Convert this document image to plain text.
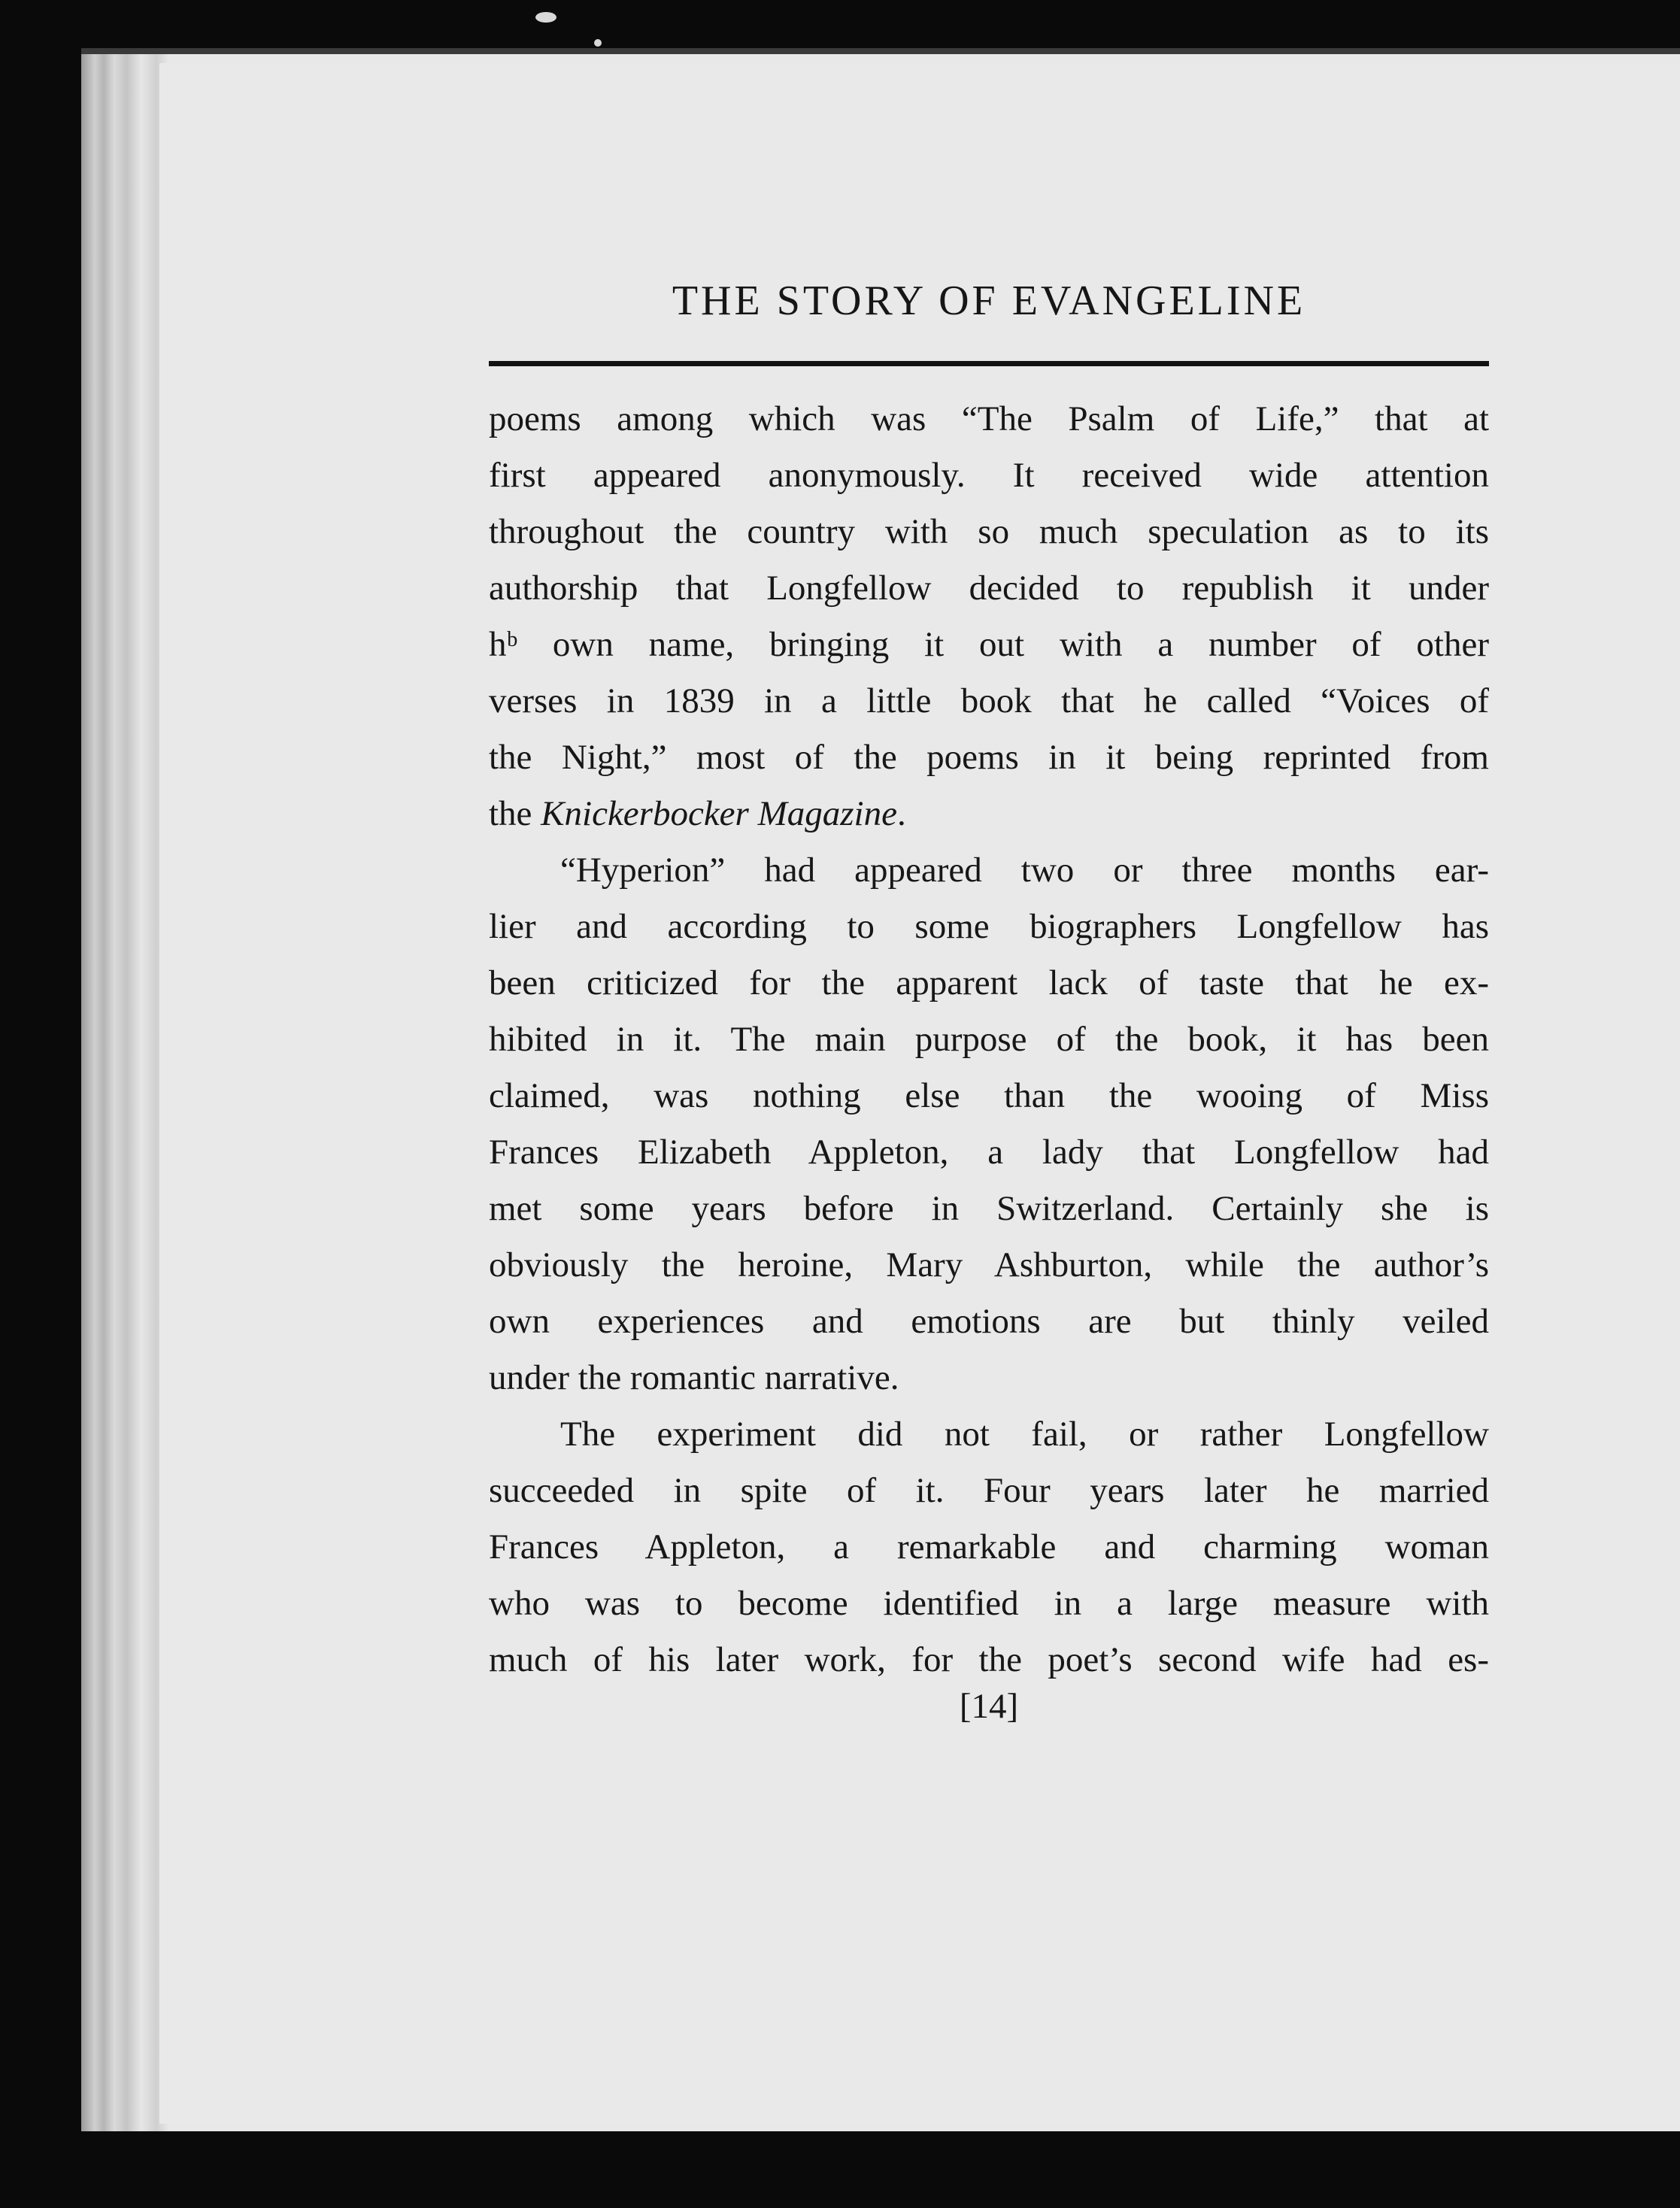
THE STORY OF EVANGELINE
poems among which was “The Psalm of Life,” that at
first appeared anonymously. It received wide attention
throughout the country with so much speculation as to its
authorship that Longfellow decided to republish it under
hᵇ own name, bringing it out with a number of other
verses in 1839 in a little book that he called “Voices of
the Night,” most of the poems in it being reprinted from
the Knickerbocker Magazine.
“Hyperion” had appeared two or three months ear-
lier and according to some biographers Longfellow has
been criticized for the apparent lack of taste that he ex-
hibited in it. The main purpose of the book, it has been
claimed, was nothing else than the wooing of Miss
Frances Elizabeth Appleton, a lady that Longfellow had
met some years before in Switzerland. Certainly she is
obviously the heroine, Mary Ashburton, while the author’s
own experiences and emotions are but thinly veiled
under the romantic narrative.
The experiment did not fail, or rather Longfellow
succeeded in spite of it. Four years later he married
Frances Appleton, a remarkable and charming woman
who was to become identified in a large measure with
much of his later work, for the poet’s second wife had es-
[14]
